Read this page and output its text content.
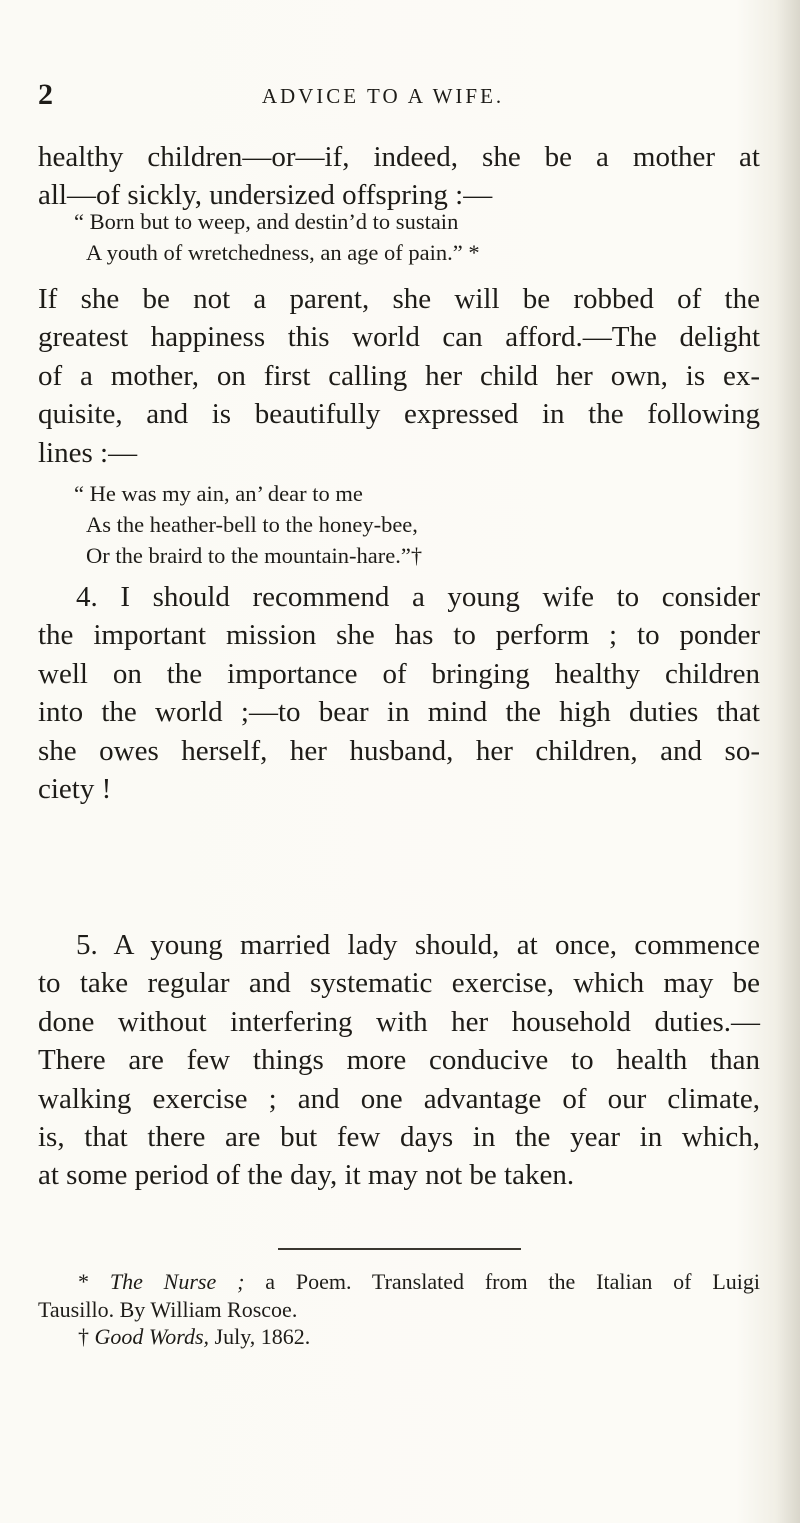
2	ADVICE TO A WIFE.

healthy children—or—if, indeed, she be a mother at
all—of sickly, undersized offspring :—

“ Born but to weep, and destin’d to sustain
A youth of wretchedness, an age of pain.” *

If she be not a parent, she will be robbed of the
greatest happiness this world can afford.—The delight
of a mother, on first calling her child her own, is ex-
quisite, and is beautifully expressed in the following
lines :—

“ He was my ain, an’ dear to me
As the heather-bell to the honey-bee,
Or the braird to the mountain-hare.”†

4. I should recommend a young wife to consider
the important mission she has to perform ; to ponder
well on the importance of bringing healthy children
into the world ;—to bear in mind the high duties that
she owes herself, her husband, her children, and so-
ciety !

5. A young married lady should, at once, commence
to take regular and systematic exercise, which may be
done without interfering with her household duties.—
There are few things more conducive to health than
walking exercise ; and one advantage of our climate,
is, that there are but few days in the year in which,
at some period of the day, it may not be taken.

* The Nurse ; a Poem. Translated from the Italian of Luigi
Tausillo. By William Roscoe.
† Good Words, July, 1862.
